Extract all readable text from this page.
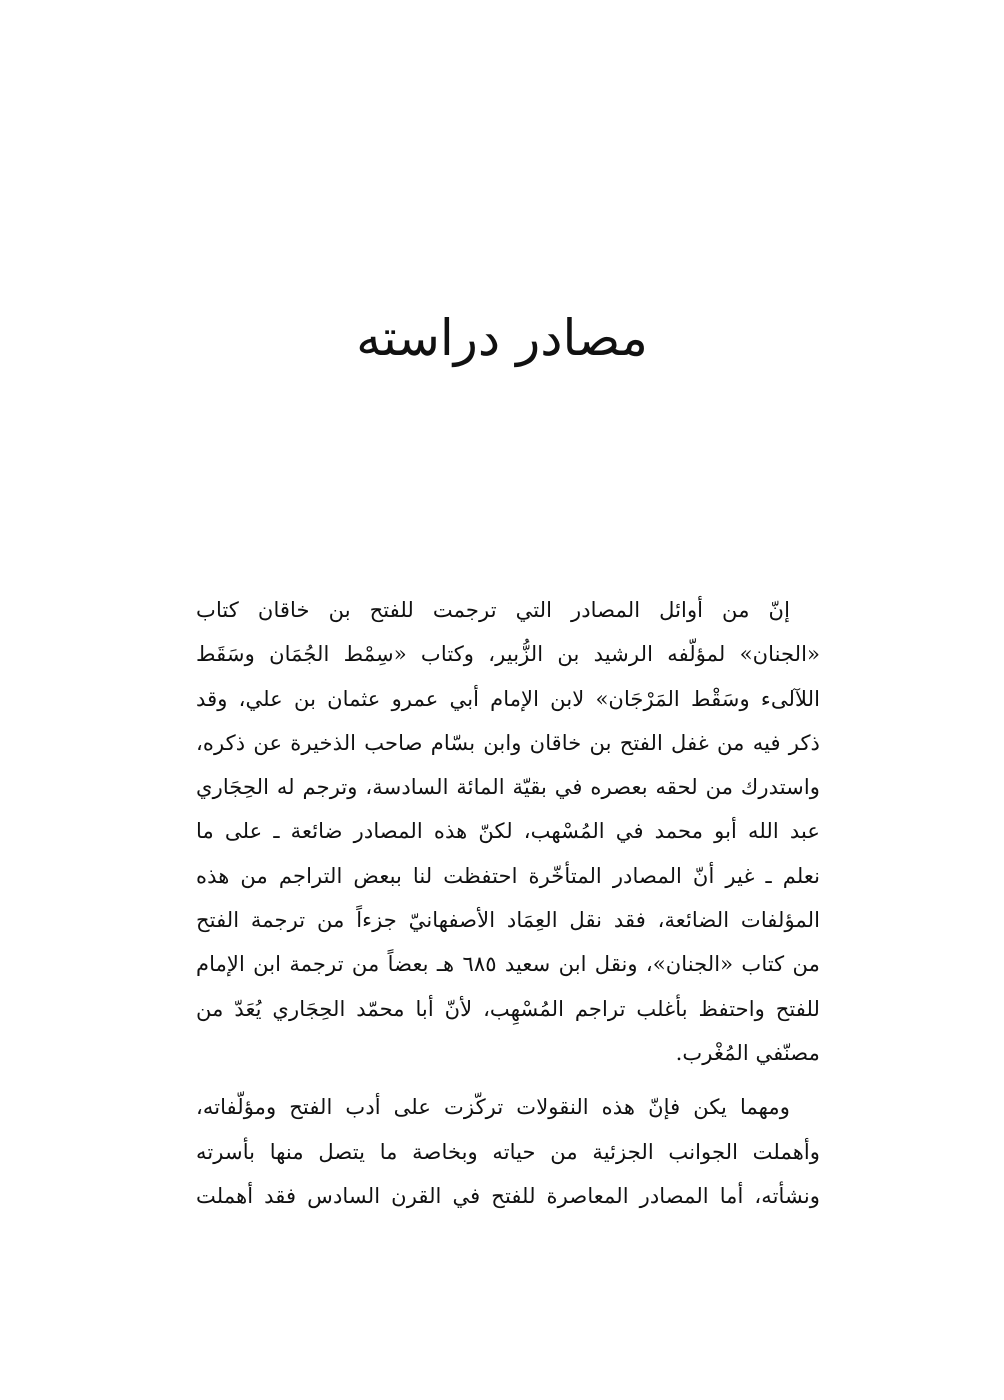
مصادر دراسته
إنّ من أوائل المصادر التي ترجمت للفتح بن خاقان كتاب
«الجنان» لمؤلّفه الرشيد بن الزُّبير، وكتاب «سِمْط الجُمَان وسَقَط
اللآلىء وسَقْط المَرْجَان» لابن الإمام أبي عمرو عثمان بن علي، وقد
ذكر فيه من غفل الفتح بن خاقان وابن بسّام صاحب الذخيرة عن ذكره،
واستدرك من لحقه بعصره في بقيّة المائة السادسة، وترجم له الحِجَاري
عبد الله أبو محمد في المُسْهب، لكنّ هذه المصادر ضائعة ـ على ما
نعلم ـ غير أنّ المصادر المتأخّرة احتفظت لنا ببعض التراجم من هذه
المؤلفات الضائعة، فقد نقل العِمَاد الأصفهانيّ جزءاً من ترجمة الفتح
من كتاب «الجنان»، ونقل ابن سعيد ٦٨٥ هـ بعضاً من ترجمة ابن الإمام
للفتح واحتفظ بأغلب تراجم المُسْهِب، لأنّ أبا محمّد الحِجَاري يُعَدّ من
مصنّفي المُغْرب.
ومهما يكن فإنّ هذه النقولات تركّزت على أدب الفتح ومؤلّفاته،
وأهملت الجوانب الجزئية من حياته وبخاصة ما يتصل منها بأسرته
ونشأته، أما المصادر المعاصرة للفتح في القرن السادس فقد أهملت
